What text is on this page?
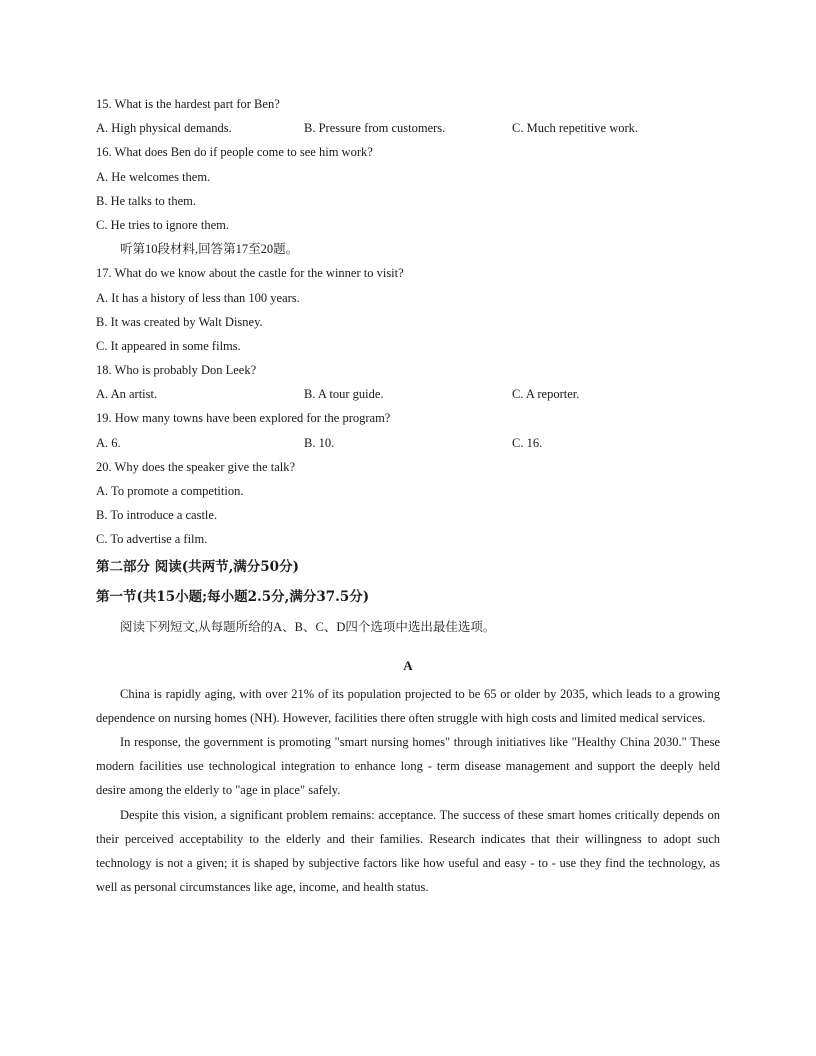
15. What is the hardest part for Ben?
A. High physical demands.	B. Pressure from customers.	C. Much repetitive work.
16. What does Ben do if people come to see him work?
A. He welcomes them.
B. He talks to them.
C. He tries to ignore them.
听第10段材料,回答第17至20题。
17. What do we know about the castle for the winner to visit?
A. It has a history of less than 100 years.
B. It was created by Walt Disney.
C. It appeared in some films.
18. Who is probably Don Leek?
A. An artist.	B. A tour guide.	C. A reporter.
19. How many towns have been explored for the program?
A. 6.	B. 10.	C. 16.
20. Why does the speaker give the talk?
A. To promote a competition.
B. To introduce a castle.
C. To advertise a film.
第二部分 阅读(共两节,满分50分)
第一节(共15小题;每小题2.5分,满分37.5分)
阅读下列短文,从每题所给的A、B、C、D四个选项中选出最佳选项。
A

China is rapidly aging, with over 21% of its population projected to be 65 or older by 2035, which leads to a growing dependence on nursing homes (NH). However, facilities there often struggle with high costs and limited medical services.

In response, the government is promoting "smart nursing homes" through initiatives like "Healthy China 2030." These modern facilities use technological integration to enhance long - term disease management and support the deeply held desire among the elderly to "age in place" safely.

Despite this vision, a significant problem remains: acceptance. The success of these smart homes critically depends on their perceived acceptability to the elderly and their families. Research indicates that their willingness to adopt such technology is not a given; it is shaped by subjective factors like how useful and easy - to - use they find the technology, as well as personal circumstances like age, income, and health status.
